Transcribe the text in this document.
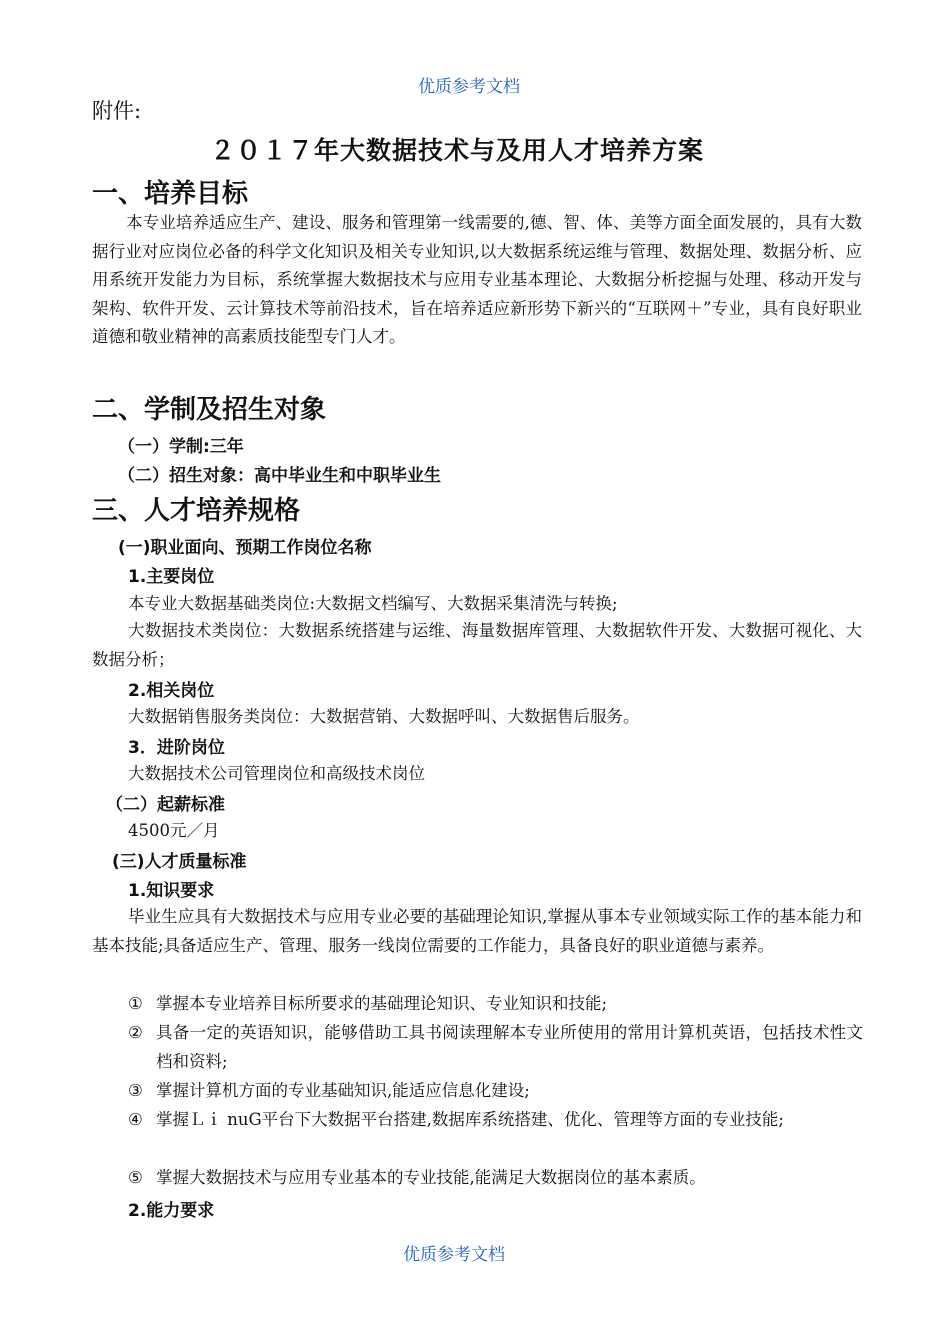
优质参考文档
附件:
２０１７年大数据技术与及用人才培养方案
一、培养目标
本专业培养适应生产、建设、服务和管理第一线需要的,德、智、体、美等方面全面发展的，具有大数据行业对应岗位必备的科学文化知识及相关专业知识,以大数据系统运维与管理、数据处理、数据分析、应用系统开发能力为目标，系统掌握大数据技术与应用专业基本理论、大数据分析挖掘与处理、移动开发与架构、软件开发、云计算技术等前沿技术，旨在培养适应新形势下新兴的“互联网＋”专业，具有良好职业道德和敬业精神的高素质技能型专门人才。
二、学制及招生对象
（一）学制:三年
（二）招生对象：高中毕业生和中职毕业生
三、人才培养规格
(一)职业面向、预期工作岗位名称
1.主要岗位
本专业大数据基础类岗位:大数据文档编写、大数据采集清洗与转换;
大数据技术类岗位：大数据系统搭建与运维、海量数据库管理、大数据软件开发、大数据可视化、大数据分析；
2.相关岗位
大数据销售服务类岗位：大数据营销、大数据呼叫、大数据售后服务。
3．进阶岗位
大数据技术公司管理岗位和高级技术岗位
（二）起薪标准
4500元／月
(三)人才质量标准
1.知识要求
毕业生应具有大数据技术与应用专业必要的基础理论知识,掌握从事本专业领域实际工作的基本能力和基本技能;具备适应生产、管理、服务一线岗位需要的工作能力，具备良好的职业道德与素养。
① 掌握本专业培养目标所要求的基础理论知识、专业知识和技能;
② 具备一定的英语知识，能够借助工具书阅读理解本专业所使用的常用计算机英语，包括技术性文档和资料;
③ 掌握计算机方面的专业基础知识,能适应信息化建设;
④ 掌握Ｌｉ nuG平台下大数据平台搭建,数据库系统搭建、优化、管理等方面的专业技能;
⑤ 掌握大数据技术与应用专业基本的专业技能,能满足大数据岗位的基本素质。
2.能力要求
优质参考文档
